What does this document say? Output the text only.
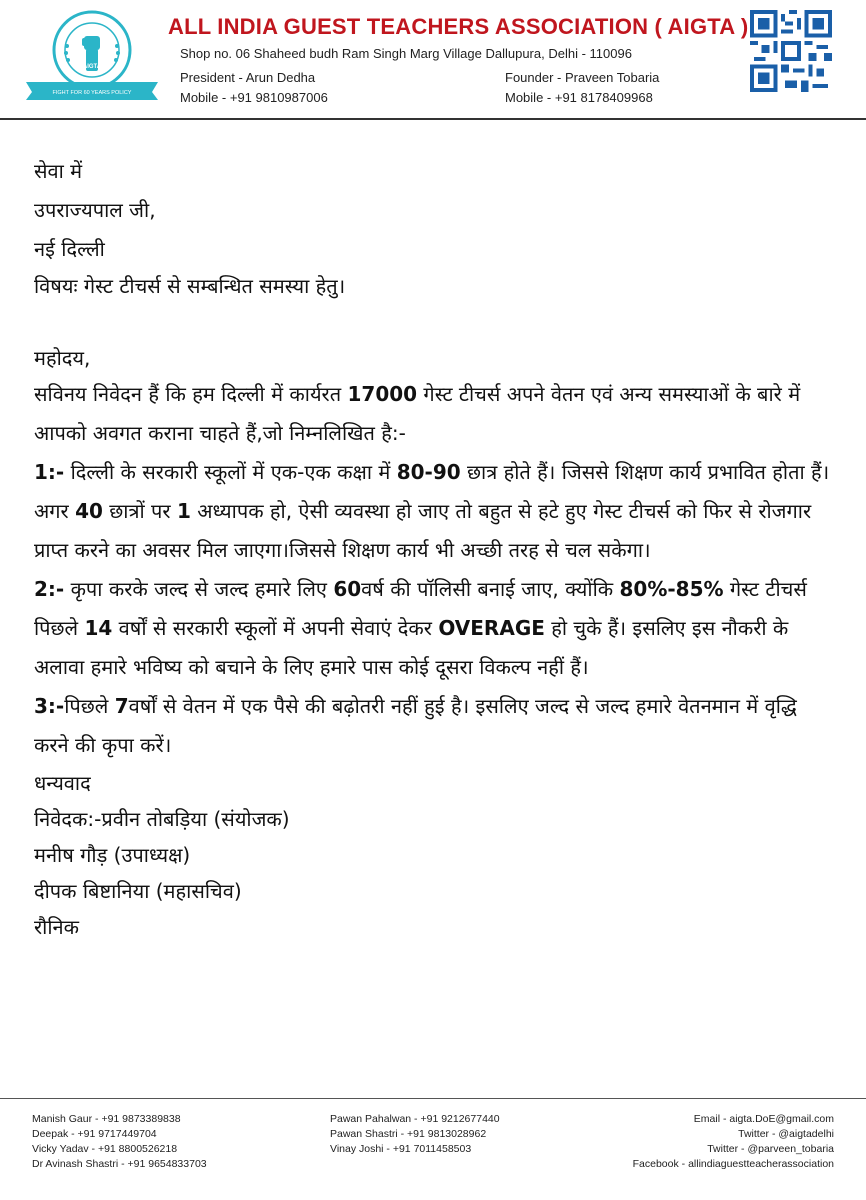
AIGTA
FIGHT FOR 60 YEARS POLICY
ALL INDIA GUEST TEACHERS ASSOCIATION ( AIGTA )
Shop no. 06 Shaheed budh Ram Singh Marg Village Dallupura, Delhi - 110096
President - Arun Dedha
Mobile - +91 9810987006
Founder - Praveen Tobaria
Mobile - +91 8178409968

सेवा में

उपराज्यपाल जी,

नई दिल्ली

विषयः गेस्ट टीचर्स से सम्बन्धित समस्या हेतु।

महोदय,

सविनय निवेदन हैं कि हम दिल्ली में कार्यरत 17000 गेस्ट टीचर्स अपने वेतन एवं अन्य समस्याओं के बारे में आपको अवगत कराना चाहते हैं,जो निम्नलिखित है:-

1:- दिल्ली के सरकारी स्कूलों में एक-एक कक्षा में 80-90 छात्र होते हैं। जिससे शिक्षण कार्य प्रभावित होता हैं।अगर 40 छात्रों पर 1 अध्यापक हो, ऐसी व्यवस्था हो जाए तो बहुत से हटे हुए गेस्ट टीचर्स को फिर से रोजगार प्राप्त करने का अवसर मिल जाएगा।जिससे शिक्षण कार्य भी अच्छी तरह से चल सकेगा।

2:- कृपा करके जल्द से जल्द हमारे लिए 60वर्ष की पॉलिसी बनाई जाए, क्योंकि 80%-85% गेस्ट टीचर्स पिछले 14 वर्षों से सरकारी स्कूलों में अपनी सेवाएं देकर OVERAGE हो चुके हैं। इसलिए इस नौकरी के अलावा हमारे भविष्य को बचाने के लिए हमारे पास कोई दूसरा विकल्प नहीं हैं।

3:-पिछले 7वर्षों से वेतन में एक पैसे की बढ़ोतरी नहीं हुई है। इसलिए जल्द से जल्द हमारे वेतनमान में वृद्धि करने की कृपा करें।

धन्यवाद

निवेदक:-प्रवीन तोबड़िया (संयोजक)

मनीष गौड़ (उपाध्यक्ष)

दीपक बिष्टानिया (महासचिव)

रौनिक

Manish Gaur - +91 9873389838
Deepak - +91 9717449704
Vicky Yadav - +91 8800526218
Dr Avinash Shastri - +91 9654833703
Pawan Pahalwan - +91 9212677440
Pawan Shastri - +91 9813028962
Vinay Joshi - +91 7011458503
Email - aigta.DoE@gmail.com
Twitter - @aigtadelhi
Twitter - @parveen_tobaria
Facebook - allindiaguestteacherassociation
